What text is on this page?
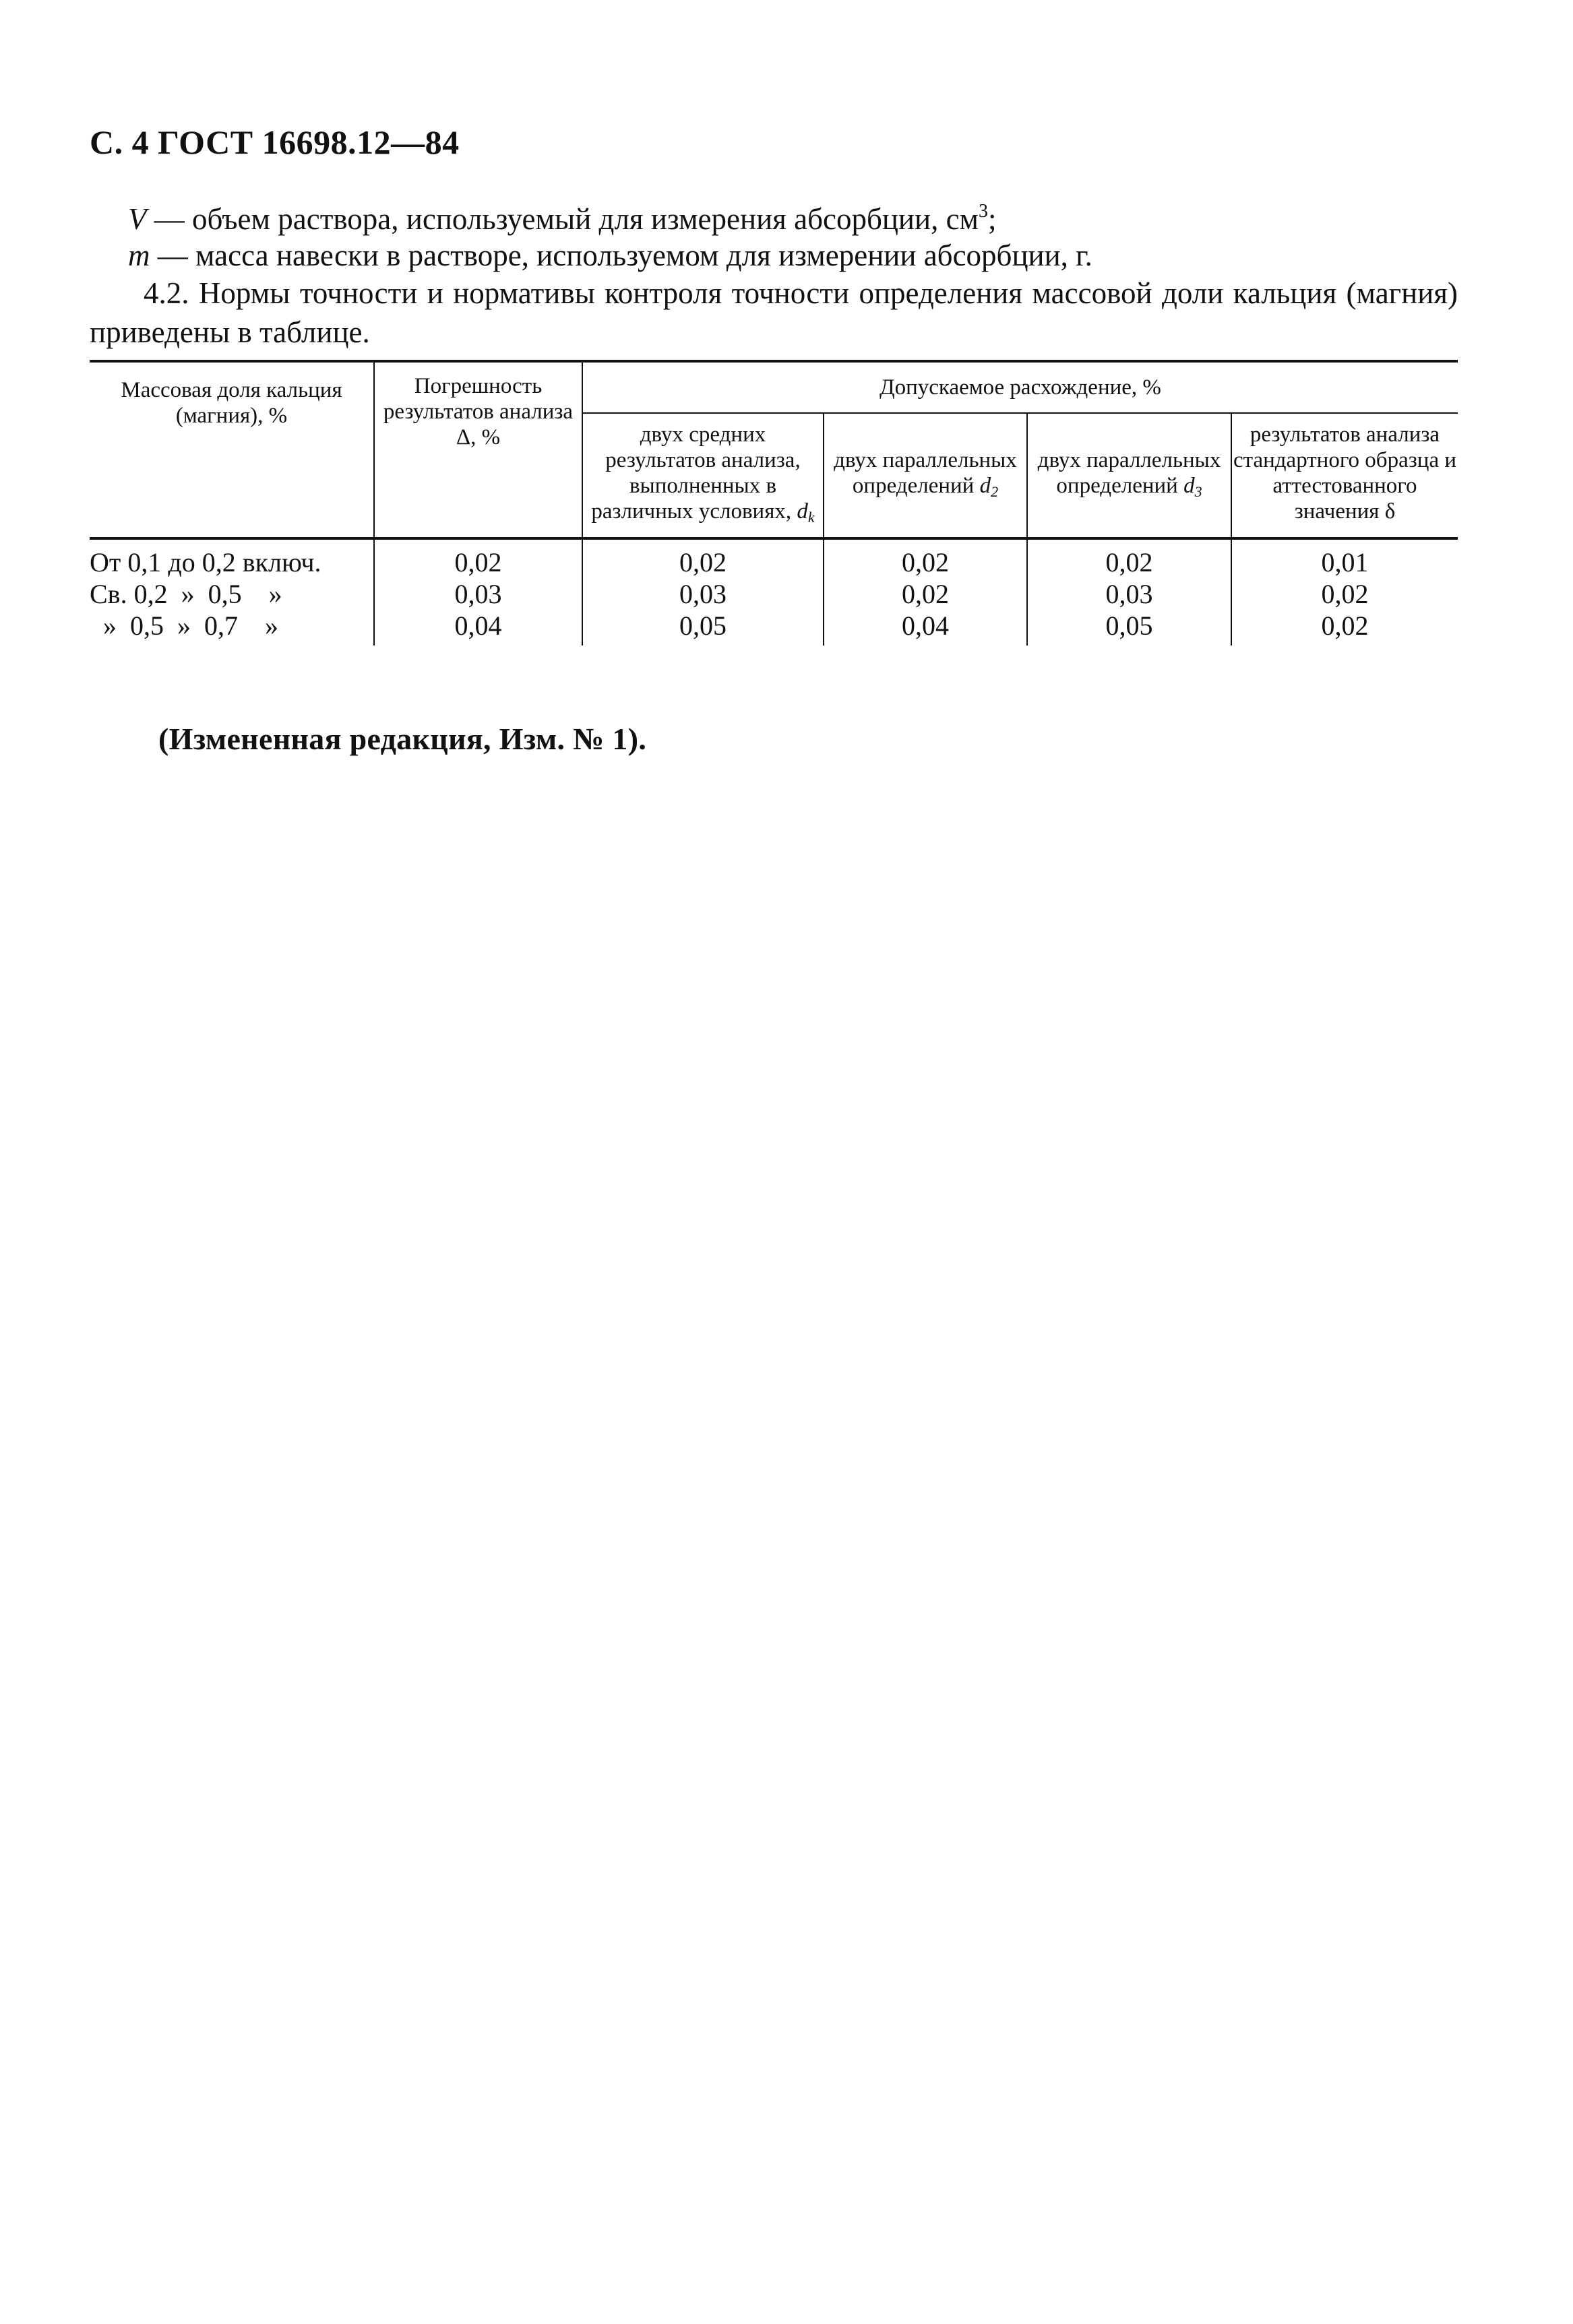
С. 4 ГОСТ 16698.12—84
V — объем раствора, используемый для измерения абсорбции, $см^3$;
m — масса навески в растворе, используемом для измерении абсорбции, г.
4.2. Нормы точности и нормативы контроля точности определения массовой доли кальция (магния) приведены в таблице.
Массовая доля кальция (магния), %	Погрешность результатов анализа Δ, %	Допускаемое расхождение, %			
		двух средних результатов анализа, выполненных в различных условиях, $d_k$	двух параллельных определений $d_2$	двух параллельных определений $d_3$	результатов анализа стандартного образца и аттестованного значения δ
От 0,1 до 0,2 включ.	0,02	0,02	0,02	0,02	0,01
Св. 0,2  »  0,5    »	0,03	0,03	0,02	0,03	0,02
»  0,5  »  0,7    »	0,04	0,05	0,04	0,05	0,02
(Измененная редакция, Изм. № 1).
